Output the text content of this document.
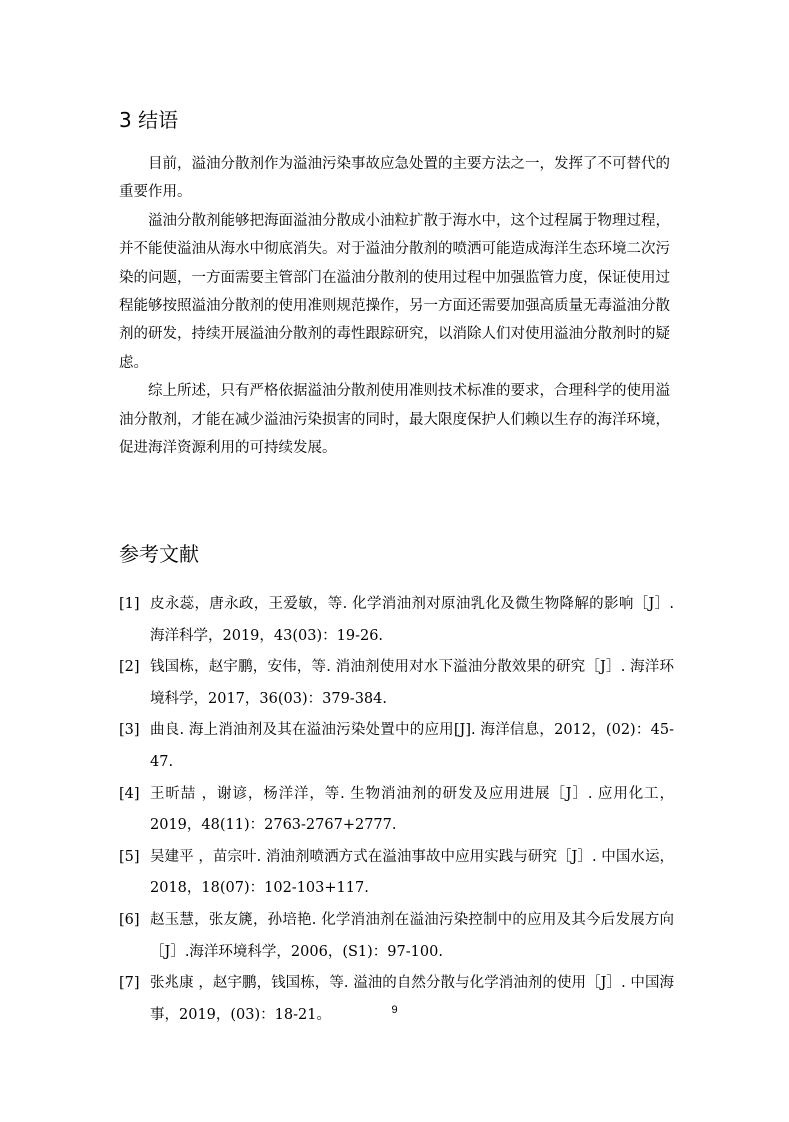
3 结语

目前，溢油分散剂作为溢油污染事故应急处置的主要方法之一，发挥了不可替代的重要作用。

溢油分散剂能够把海面溢油分散成小油粒扩散于海水中，这个过程属于物理过程，并不能使溢油从海水中彻底消失。对于溢油分散剂的喷洒可能造成海洋生态环境二次污染的问题，一方面需要主管部门在溢油分散剂的使用过程中加强监管力度，保证使用过程能够按照溢油分散剂的使用准则规范操作，另一方面还需要加强高质量无毒溢油分散剂的研发，持续开展溢油分散剂的毒性跟踪研究，以消除人们对使用溢油分散剂时的疑虑。

综上所述，只有严格依据溢油分散剂使用准则技术标准的要求，合理科学的使用溢油分散剂，才能在减少溢油污染损害的同时，最大限度保护人们赖以生存的海洋环境，促进海洋资源利用的可持续发展。

参考文献
[1] 皮永蕊，唐永政，王爱敏，等. 化学消油剂对原油乳化及微生物降解的影响［J］. 海洋科学，2019，43(03)：19-26.
[2] 钱国栋，赵宇鹏，安伟，等. 消油剂使用对水下溢油分散效果的研究［J］. 海洋环境科学，2017，36(03)：379-384.
[3] 曲良. 海上消油剂及其在溢油污染处置中的应用[J]. 海洋信息，2012，(02)：45-47.
[4] 王昕喆 ，谢谚，杨洋洋，等. 生物消油剂的研发及应用进展［J］. 应用化工， 2019，48(11)：2763-2767+2777.
[5] 吴建平 ，苗宗叶. 消油剂喷洒方式在溢油事故中应用实践与研究［J］. 中国水运，2018，18(07)：102-103+117.
[6] 赵玉慧，张友篪，孙培艳. 化学消油剂在溢油污染控制中的应用及其今后发展方向［J］.海洋环境科学，2006，(S1)：97-100.
[7] 张兆康 ，赵宇鹏，钱国栋，等. 溢油的自然分散与化学消油剂的使用［J］. 中国海事，2019，(03)：18-21。	9
